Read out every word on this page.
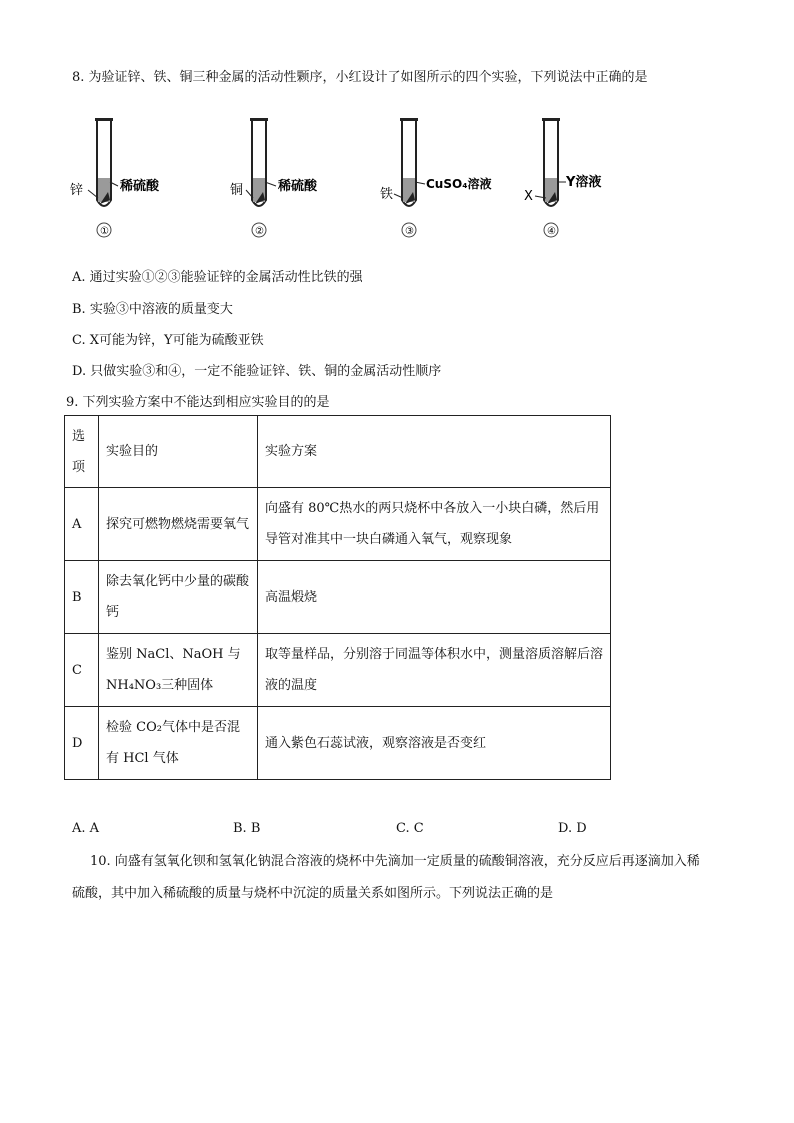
8. 为验证锌、铁、铜三种金属的活动性颗序，小红设计了如图所示的四个实验，下列说法中正确的是
锌	稀硫酸
①
铜	稀硫酸
②
铁
CuSO₄溶液
③
X
Y溶液
④
A. 通过实验①②③能验证锌的金属活动性比铁的强
B. 实验③中溶液的质量变大
C. X可能为锌，Y可能为硫酸亚铁
D. 只做实验③和④，一定不能验证锌、铁、铜的金属活动性顺序
9. 下列实验方案中不能达到相应实验目的的是
选项	实验目的	实验方案
A	探究可燃物燃烧需要氧气	向盛有 80℃热水的两只烧杯中各放入一小块白磷，然后用导管对准其中一块白磷通入氧气，观察现象
B	除去氧化钙中少量的碳酸钙	高温煅烧
C	鉴别 NaCl、NaOH 与 NH₄NO₃三种固体	取等量样品，分别溶于同温等体积水中，测量溶质溶解后溶液的温度
D	检验 CO₂气体中是否混有 HCl 气体	通入紫色石蕊试液，观察溶液是否变红
A. A	B. B	C. C	D. D
10. 向盛有氢氧化钡和氢氧化钠混合溶液的烧杯中先滴加一定质量的硫酸铜溶液，充分反应后再逐滴加入稀
硫酸，其中加入稀硫酸的质量与烧杯中沉淀的质量关系如图所示。下列说法正确的是
